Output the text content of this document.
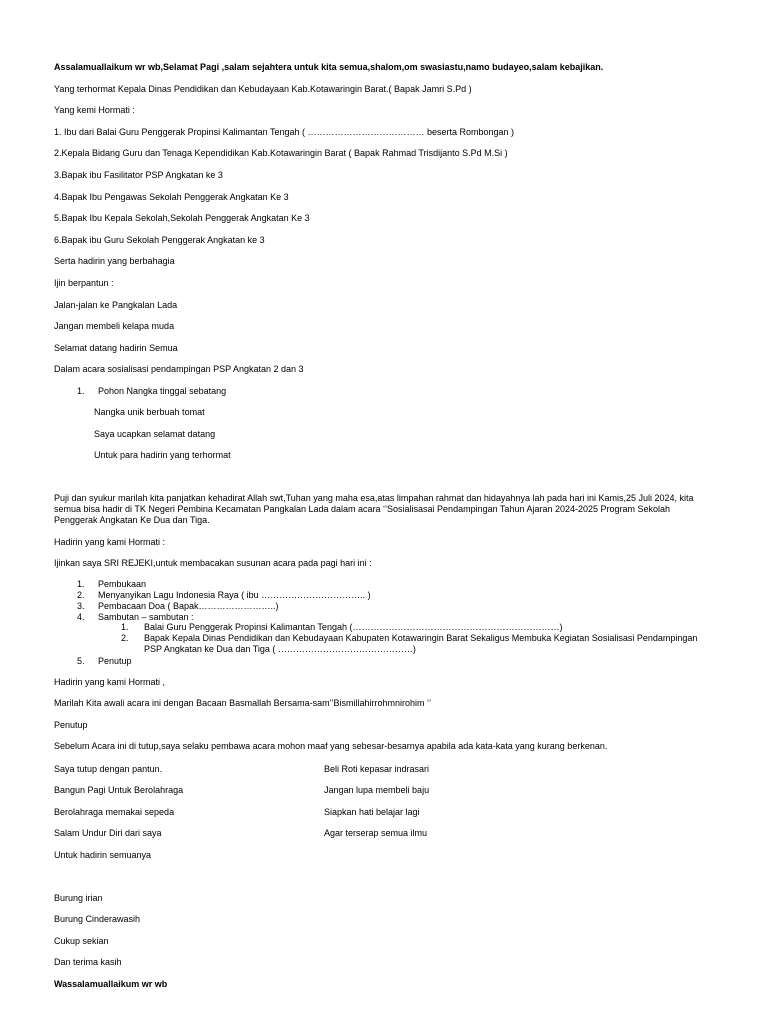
Assalamuallaikum wr wb,Selamat Pagi ,salam sejahtera untuk kita semua,shalom,om swasiastu,namo budayeo,salam kebajikan.
Yang terhormat Kepala Dinas Pendidikan dan Kebudayaan Kab.Kotawaringin Barat.( Bapak Jamri S.Pd )
Yang kemi Hormati :
1. Ibu dari Balai Guru Penggerak Propinsi Kalimantan Tengah ( ………………………………… beserta Rombongan )
2.Kepala Bidang Guru dan Tenaga Kependidikan Kab.Kotawaringin Barat ( Bapak Rahmad Trisdijanto S.Pd M.Si )
3.Bapak ibu Fasilitator PSP Angkatan ke 3
4.Bapak Ibu Pengawas Sekolah Penggerak Angkatan Ke 3
5.Bapak Ibu Kepala Sekolah,Sekolah Penggerak Angkatan Ke 3
6.Bapak ibu Guru Sekolah Penggerak Angkatan ke 3
Serta hadirin yang berbahagia
Ijin berpantun :
Jalan-jalan ke Pangkalan Lada
Jangan membeli kelapa muda
Selamat datang hadirin Semua
Dalam acara sosialisasi pendampingan PSP Angkatan 2 dan 3
1. Pohon Nangka tinggal sebatang
Nangka unik berbuah tomat
Saya ucapkan selamat datang
Untuk para hadirin yang terhormat
Puji dan syukur marilah kita panjatkan kehadirat Allah swt,Tuhan yang maha esa,atas limpahan rahmat dan hidayahnya lah pada hari ini Kamis,25 Juli 2024, kita semua bisa hadir di TK Negeri Pembina Kecamatan Pangkalan Lada dalam acara ‘’Sosialisasai Pendampingan Tahun Ajaran 2024-2025 Program Sekolah Penggerak Angkatan Ke Dua dan Tiga.
Hadirin yang kami Hormati :
Ijinkan saya SRI REJEKI,untuk membacakan susunan acara pada pagi hari ini :
1. Pembukaan
2. Menyanyikan Lagu Indonesia Raya ( ibu …………………………….. )
3. Pembacaan Doa ( Bapak……………………..)
4. Sambutan – sambutan :
1. Balai Guru Penggerak Propinsi Kalimantan Tengah (……………………………………………………………)
2. Bapak Kepala Dinas Pendidikan dan Kebudayaan Kabupaten Kotawaringin Barat Sekaligus Membuka Kegiatan Sosialisasi Pendampingan
PSP Angkatan ke Dua dan Tiga ( ………………………………………)
5. Penutup
Hadirin yang kami Hormati ,
Marilah Kita awali acara ini dengan Bacaan Basmallah Bersama-sam’’Bismillahirrohmnirohim ‘’
Penutup
Sebelum Acara ini di tutup,saya selaku pembawa acara mohon maaf yang sebesar-besarnya apabila ada kata-kata yang kurang berkenan.
Saya tutup dengan pantun.
Bangun Pagi Untuk Berolahraga
Berolahraga memakai sepeda
Salam Undur Diri dari saya
Untuk hadirin semuanya
Beli Roti kepasar indrasari
Jangan lupa membeli baju
Siapkan hati belajar lagi
Agar terserap semua ilmu
Burung irian
Burung Cinderawasih
Cukup sekian
Dan terima kasih
Wassalamuallaikum wr wb
